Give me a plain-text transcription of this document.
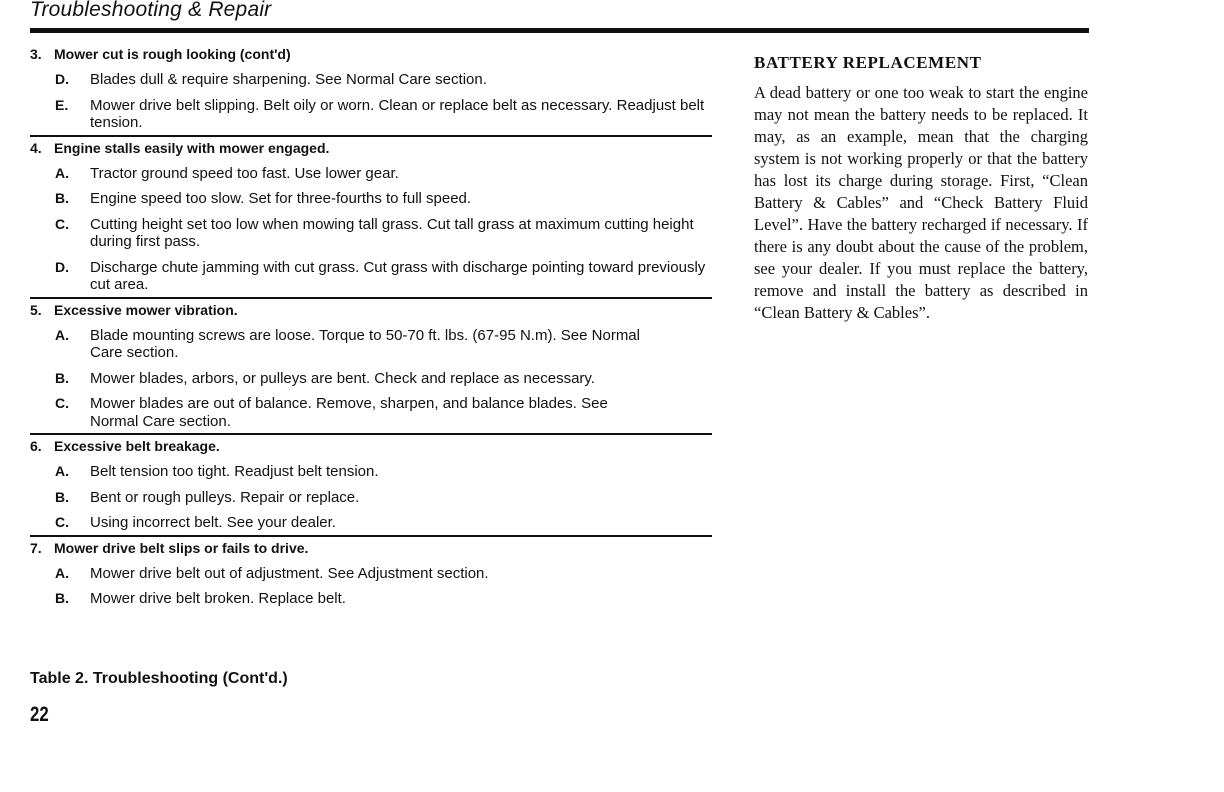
Troubleshooting & Repair
3. Mower cut is rough looking (cont'd)
D.	Blades dull & require sharpening. See Normal Care section.
E.	Mower drive belt slipping. Belt oily or worn. Clean or replace belt as necessary. Readjust belt tension.
4. Engine stalls easily with mower engaged.
A.	Tractor ground speed too fast. Use lower gear.
B.	Engine speed too slow. Set for three-fourths to full speed.
C.	Cutting height set too low when mowing tall grass. Cut tall grass at maximum cutting height during first pass.
D.	Discharge chute jamming with cut grass. Cut grass with discharge pointing toward previously cut area.
5. Excessive mower vibration.
A.	Blade mounting screws are loose. Torque to 50-70 ft. lbs. (67-95 N.m). See Normal Care section.
B.	Mower blades, arbors, or pulleys are bent. Check and replace as necessary.
C.	Mower blades are out of balance. Remove, sharpen, and balance blades. See Normal Care section.
6. Excessive belt breakage.
A.	Belt tension too tight. Readjust belt tension.
B.	Bent or rough pulleys. Repair or replace.
C.	Using incorrect belt. See your dealer.
7. Mower drive belt slips or fails to drive.
A.	Mower drive belt out of adjustment. See Adjustment section.
B.	Mower drive belt broken. Replace belt.
Table 2. Troubleshooting (Cont'd.)
22
BATTERY REPLACEMENT

A dead battery or one too weak to start the engine may not mean the battery needs to be replaced. It may, as an example, mean that the charging system is not working properly or that the battery has lost its charge during storage. First, “Clean Battery & Cables” and “Check Battery Fluid Level”. Have the battery recharged if necessary. If there is any doubt about the cause of the problem, see your dealer. If you must replace the battery, remove and install the battery as described in “Clean Battery & Cables”.
